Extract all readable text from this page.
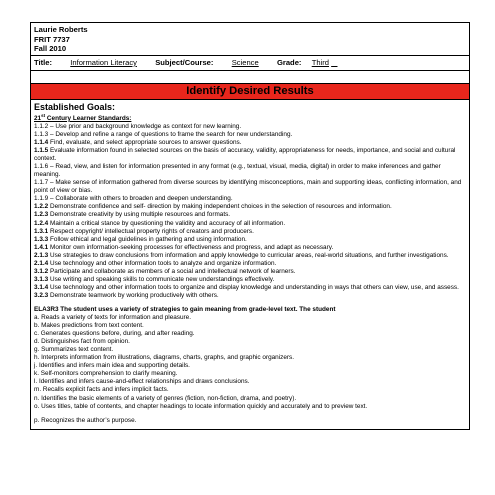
Laurie Roberts
FRIT 7737
Fall 2010
Title: Information Literacy Subject/Course: Science Grade: Third
Identify Desired Results
Established Goals:
21st Century Learner Standards:
1.1.2 – Use prior and background knowledge as context for new learning.
1.1.3 – Develop and refine a range of questions to frame the search for new understanding.
1.1.4 Find, evaluate, and select appropriate sources to answer questions.
1.1.5 Evaluate information found in selected sources on the basis of accuracy, validity, appropriateness for needs, importance, and social and cultural context.
1.1.6 – Read, view, and listen for information presented in any format (e.g., textual, visual, media, digital) in order to make inferences and gather meaning.
1.1.7 – Make sense of information gathered from diverse sources by identifying misconceptions, main and supporting ideas, conflicting information, and point of view or bias.
1.1.9 – Collaborate with others to broaden and deepen understanding.
1.2.2 Demonstrate confidence and self- direction by making independent choices in the selection of resources and information.
1.2.3 Demonstrate creativity by using multiple resources and formats.
1.2.4 Maintain a critical stance by questioning the validity and accuracy of all information.
1.3.1 Respect copyright/ intellectual property rights of creators and producers.
1.3.3 Follow ethical and legal guidelines in gathering and using information.
1.4.1 Monitor own information-seeking processes for effectiveness and progress, and adapt as necessary.
2.1.3 Use strategies to draw conclusions from information and apply knowledge to curricular areas, real-world situations, and further investigations.
2.1.4 Use technology and other information tools to analyze and organize information.
3.1.2 Participate and collaborate as members of a social and intellectual network of learners.
3.1.3 Use writing and speaking skills to communicate new understandings effectively.
3.1.4 Use technology and other information tools to organize and display knowledge and understanding in ways that others can view, use, and assess.
3.2.3 Demonstrate teamwork by working productively with others.
ELA3R3 The student uses a variety of strategies to gain meaning from grade-level text. The student
a. Reads a variety of texts for information and pleasure.
b. Makes predictions from text content.
c. Generates questions before, during, and after reading.
d. Distinguishes fact from opinion.
g. Summarizes text content.
h. Interprets information from illustrations, diagrams, charts, graphs, and graphic organizers.
j. Identifies and infers main idea and supporting details.
k. Self-monitors comprehension to clarify meaning.
l. Identifies and infers cause-and-effect relationships and draws conclusions.
m. Recalls explicit facts and infers implicit facts.
n. Identifies the basic elements of a variety of genres (fiction, non-fiction, drama, and poetry).
o. Uses titles, table of contents, and chapter headings to locate information quickly and accurately and to preview text.
p. Recognizes the author’s purpose.
